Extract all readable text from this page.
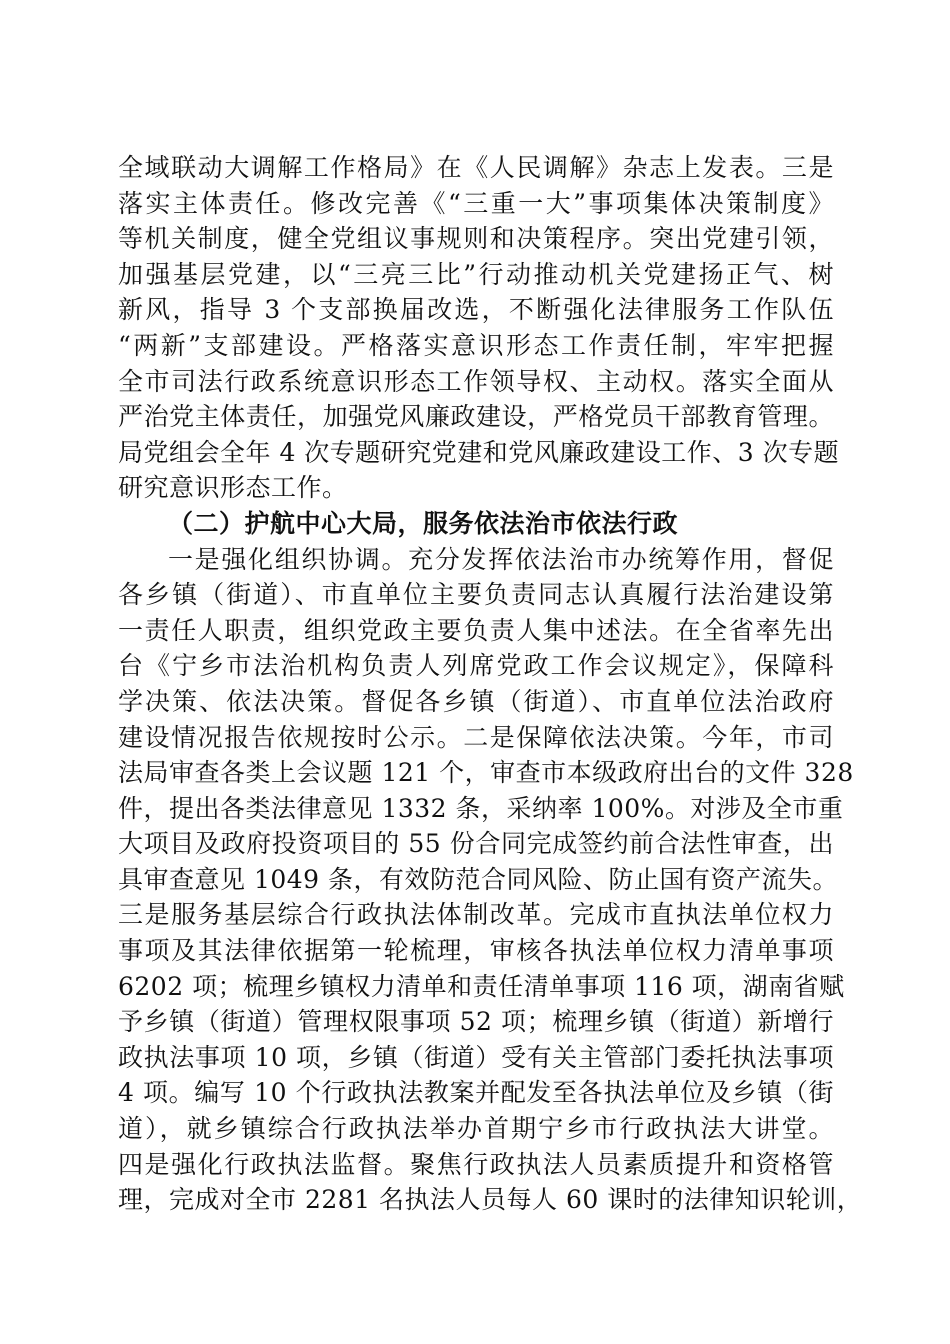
全域联动大调解工作格局》在《人民调解》杂志上发表。三是
落实主体责任。修改完善《“三重一大”事项集体决策制度》
等机关制度，健全党组议事规则和决策程序。突出党建引领，
加强基层党建，以“三亮三比”行动推动机关党建扬正气、树
新风，指导 3 个支部换届改选，不断强化法律服务工作队伍
“两新”支部建设。严格落实意识形态工作责任制，牢牢把握
全市司法行政系统意识形态工作领导权、主动权。落实全面从
严治党主体责任，加强党风廉政建设，严格党员干部教育管理。
局党组会全年 4 次专题研究党建和党风廉政建设工作、3 次专题
研究意识形态工作。
（二）护航中心大局，服务依法治市依法行政
一是强化组织协调。充分发挥依法治市办统筹作用，督促
各乡镇（街道）、市直单位主要负责同志认真履行法治建设第
一责任人职责，组织党政主要负责人集中述法。在全省率先出
台《宁乡市法治机构负责人列席党政工作会议规定》，保障科
学决策、依法决策。督促各乡镇（街道）、市直单位法治政府
建设情况报告依规按时公示。二是保障依法决策。今年，市司
法局审查各类上会议题 121 个，审查市本级政府出台的文件 328
件，提出各类法律意见 1332 条，采纳率 100%。对涉及全市重
大项目及政府投资项目的 55 份合同完成签约前合法性审查，出
具审查意见 1049 条，有效防范合同风险、防止国有资产流失。
三是服务基层综合行政执法体制改革。完成市直执法单位权力
事项及其法律依据第一轮梳理，审核各执法单位权力清单事项
6202 项；梳理乡镇权力清单和责任清单事项 116 项，湖南省赋
予乡镇（街道）管理权限事项 52 项；梳理乡镇（街道）新增行
政执法事项 10 项，乡镇（街道）受有关主管部门委托执法事项
4 项。编写 10 个行政执法教案并配发至各执法单位及乡镇（街
道），就乡镇综合行政执法举办首期宁乡市行政执法大讲堂。
四是强化行政执法监督。聚焦行政执法人员素质提升和资格管
理，完成对全市 2281 名执法人员每人 60 课时的法律知识轮训，
